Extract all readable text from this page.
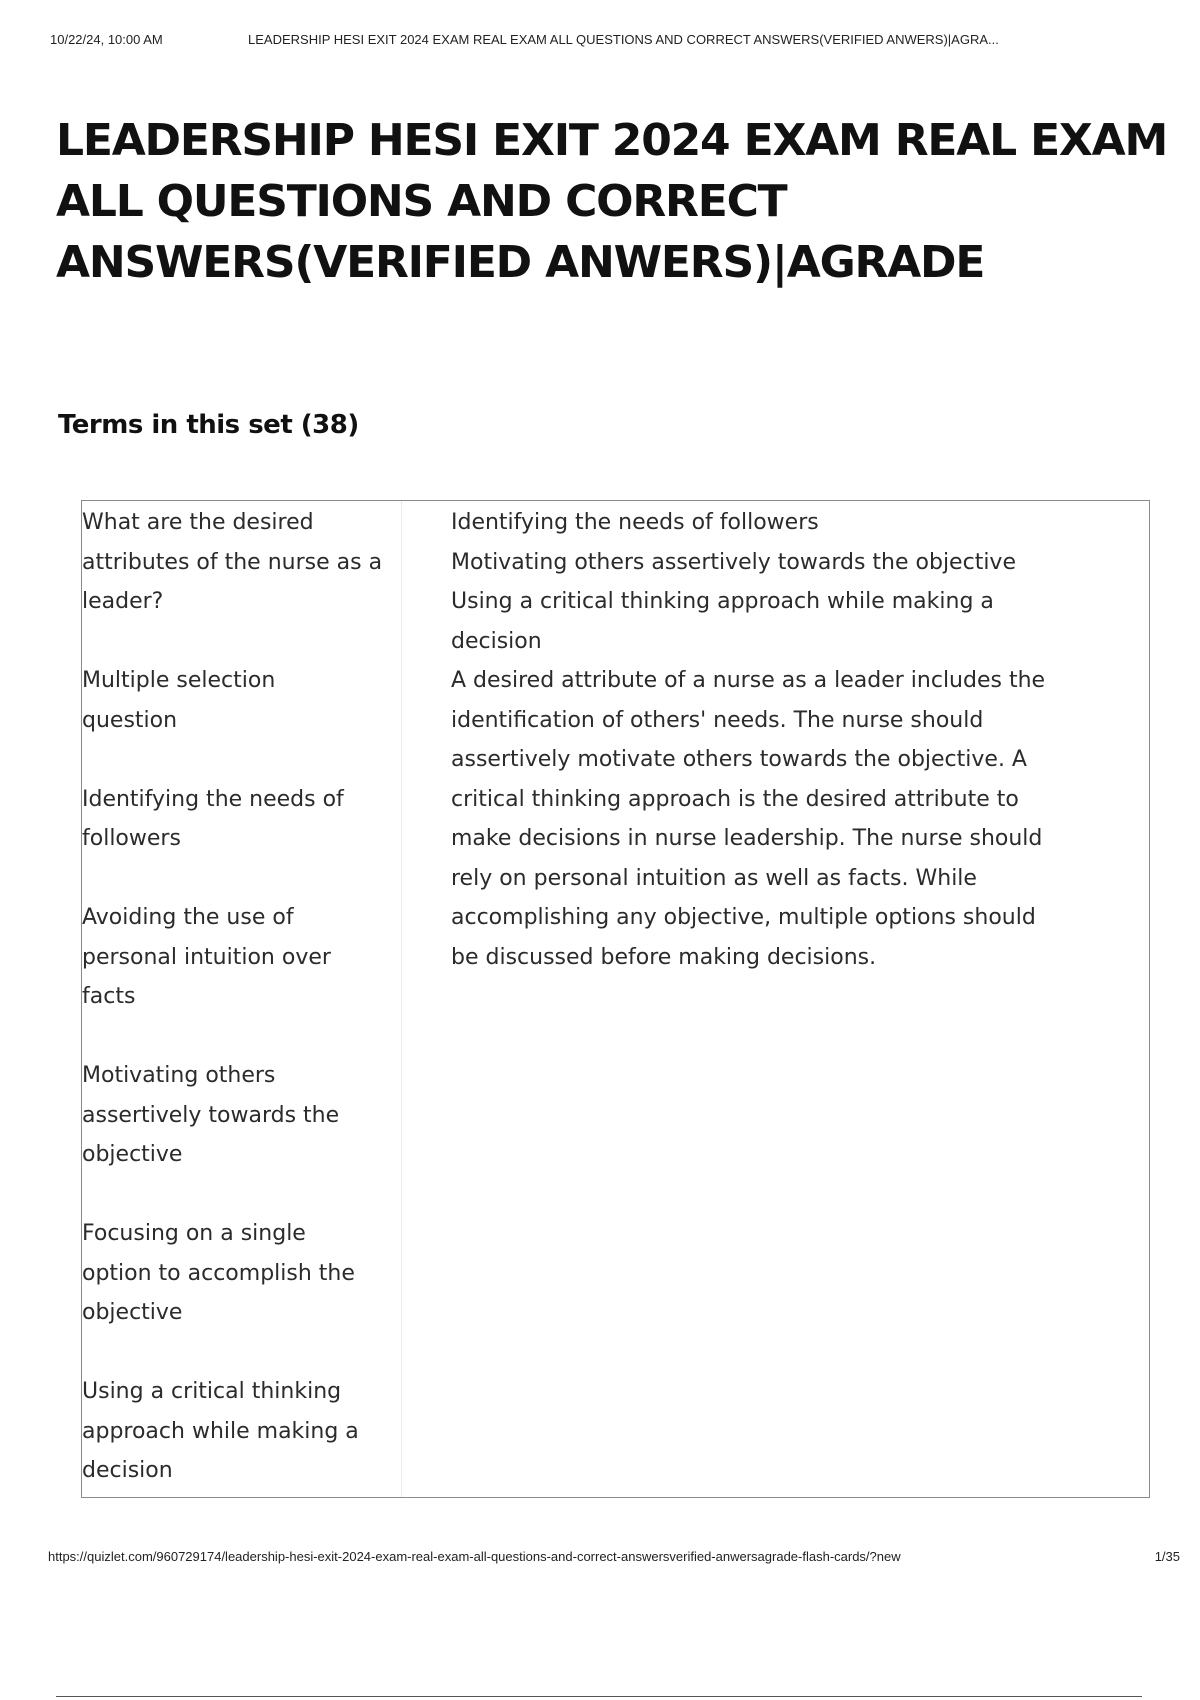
10/22/24, 10:00 AM	LEADERSHIP HESI EXIT 2024 EXAM REAL EXAM ALL QUESTIONS AND CORRECT ANSWERS(VERIFIED ANWERS)|AGRA...
LEADERSHIP HESI EXIT 2024 EXAM REAL EXAM
ALL QUESTIONS AND CORRECT
ANSWERS(VERIFIED ANWERS)|AGRADE
Terms in this set (38)
What are the desired
attributes of the nurse as a
leader?
Multiple selection
question
Identifying the needs of
followers
Avoiding the use of
personal intuition over
facts
Motivating others
assertively towards the
objective
Focusing on a single
option to accomplish the
objective
Using a critical thinking
approach while making a
decision
Identifying the needs of followers
Motivating others assertively towards the objective
Using a critical thinking approach while making a
decision
A desired attribute of a nurse as a leader includes the
identification of others' needs. The nurse should
assertively motivate others towards the objective. A
critical thinking approach is the desired attribute to
make decisions in nurse leadership. The nurse should
rely on personal intuition as well as facts. While
accomplishing any objective, multiple options should
be discussed before making decisions.
https://quizlet.com/960729174/leadership-hesi-exit-2024-exam-real-exam-all-questions-and-correct-answersverified-anwersagrade-flash-cards/?new	1/35
